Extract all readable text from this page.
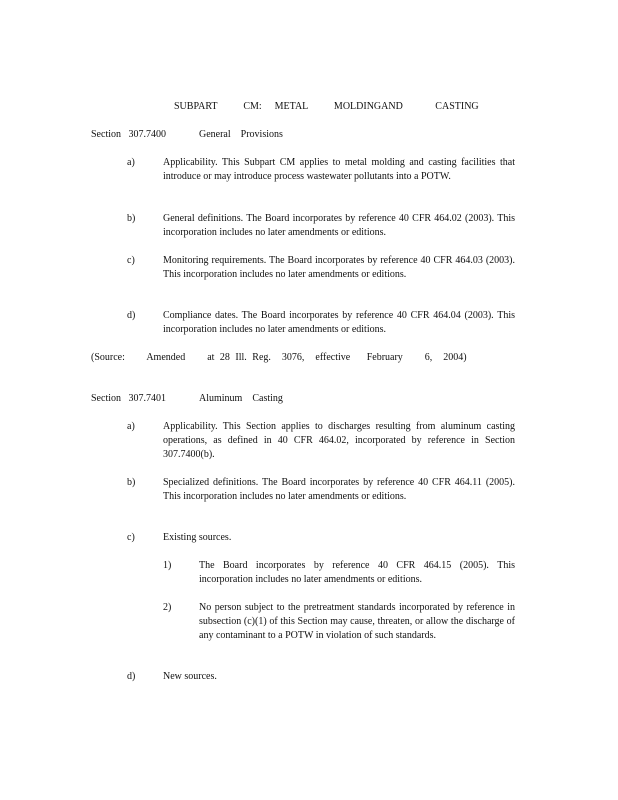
SUBPART    CM:  METAL    MOLDINGAND     CASTING
Section   307.7400	General    Provisions
a)	Applicability. This Subpart CM applies to metal molding and casting facilities that introduce or may introduce process wastewater pollutants into a POTW.
b)	General definitions. The Board incorporates by reference 40 CFR 464.02 (2003). This incorporation includes no later amendments or editions.
c)	Monitoring requirements. The Board incorporates by reference 40 CFR 464.03 (2003). This incorporation includes no later amendments or editions.
d)	Compliance dates. The Board incorporates by reference 40 CFR 464.04 (2003). This incorporation includes no later amendments or editions.
(Source:    Amended    at 28 Ill. Reg.  3076,  effective   February    6,  2004)
Section   307.7401	Aluminum    Casting
a)	Applicability. This Section applies to discharges resulting from aluminum casting operations, as defined in 40 CFR 464.02, incorporated by reference in Section 307.7400(b).
b)	Specialized definitions. The Board incorporates by reference 40 CFR 464.11 (2005). This incorporation includes no later amendments or editions.
c)	Existing sources.
1)	The Board incorporates by reference 40 CFR 464.15 (2005). This incorporation includes no later amendments or editions.
2)	No person subject to the pretreatment standards incorporated by reference in subsection (c)(1) of this Section may cause, threaten, or allow the discharge of any contaminant to a POTW in violation of such standards.
d)	New sources.
